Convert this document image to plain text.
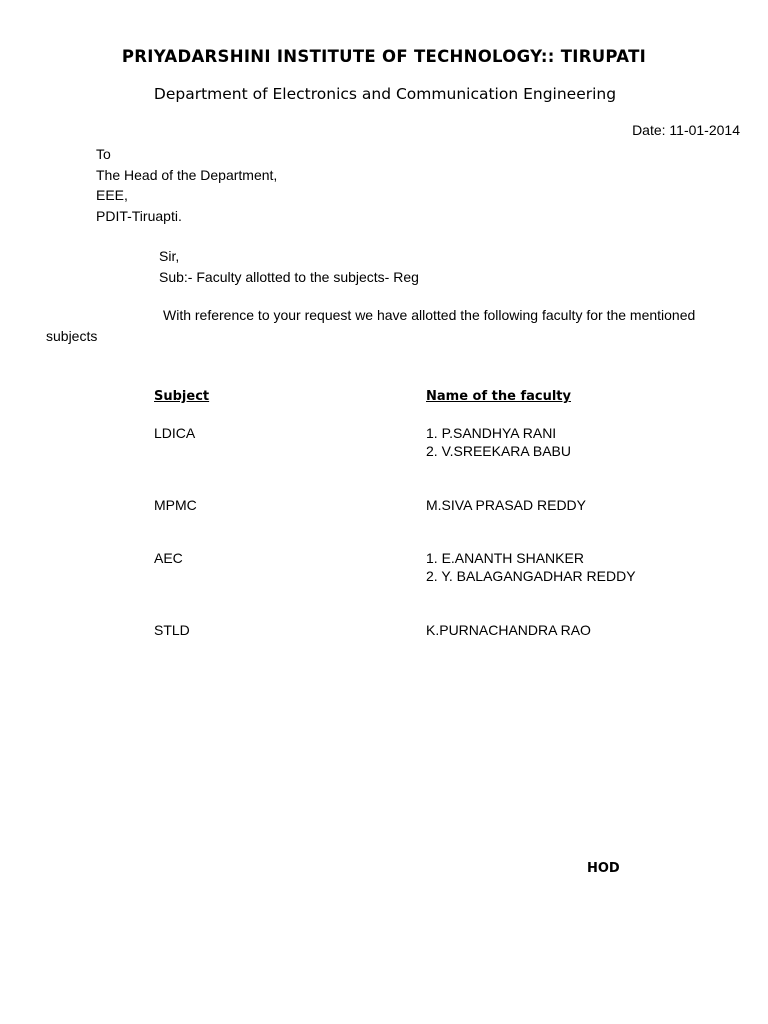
PRIYADARSHINI INSTITUTE OF TECHNOLOGY:: TIRUPATI
Department of Electronics and Communication Engineering
Date: 11-01-2014
To
The Head of the Department,
EEE,
PDIT-Tiruapti.
Sir,
Sub:- Faculty allotted to the subjects- Reg
With reference to your request we have allotted the following faculty for the mentioned
subjects
Subject	Name of the faculty
LDICA	1. P.SANDHYA RANI
2. V.SREEKARA BABU
MPMC	M.SIVA PRASAD REDDY
AEC	1. E.ANANTH SHANKER
2. Y. BALAGANGADHAR REDDY
STLD	K.PURNACHANDRA RAO
HOD
